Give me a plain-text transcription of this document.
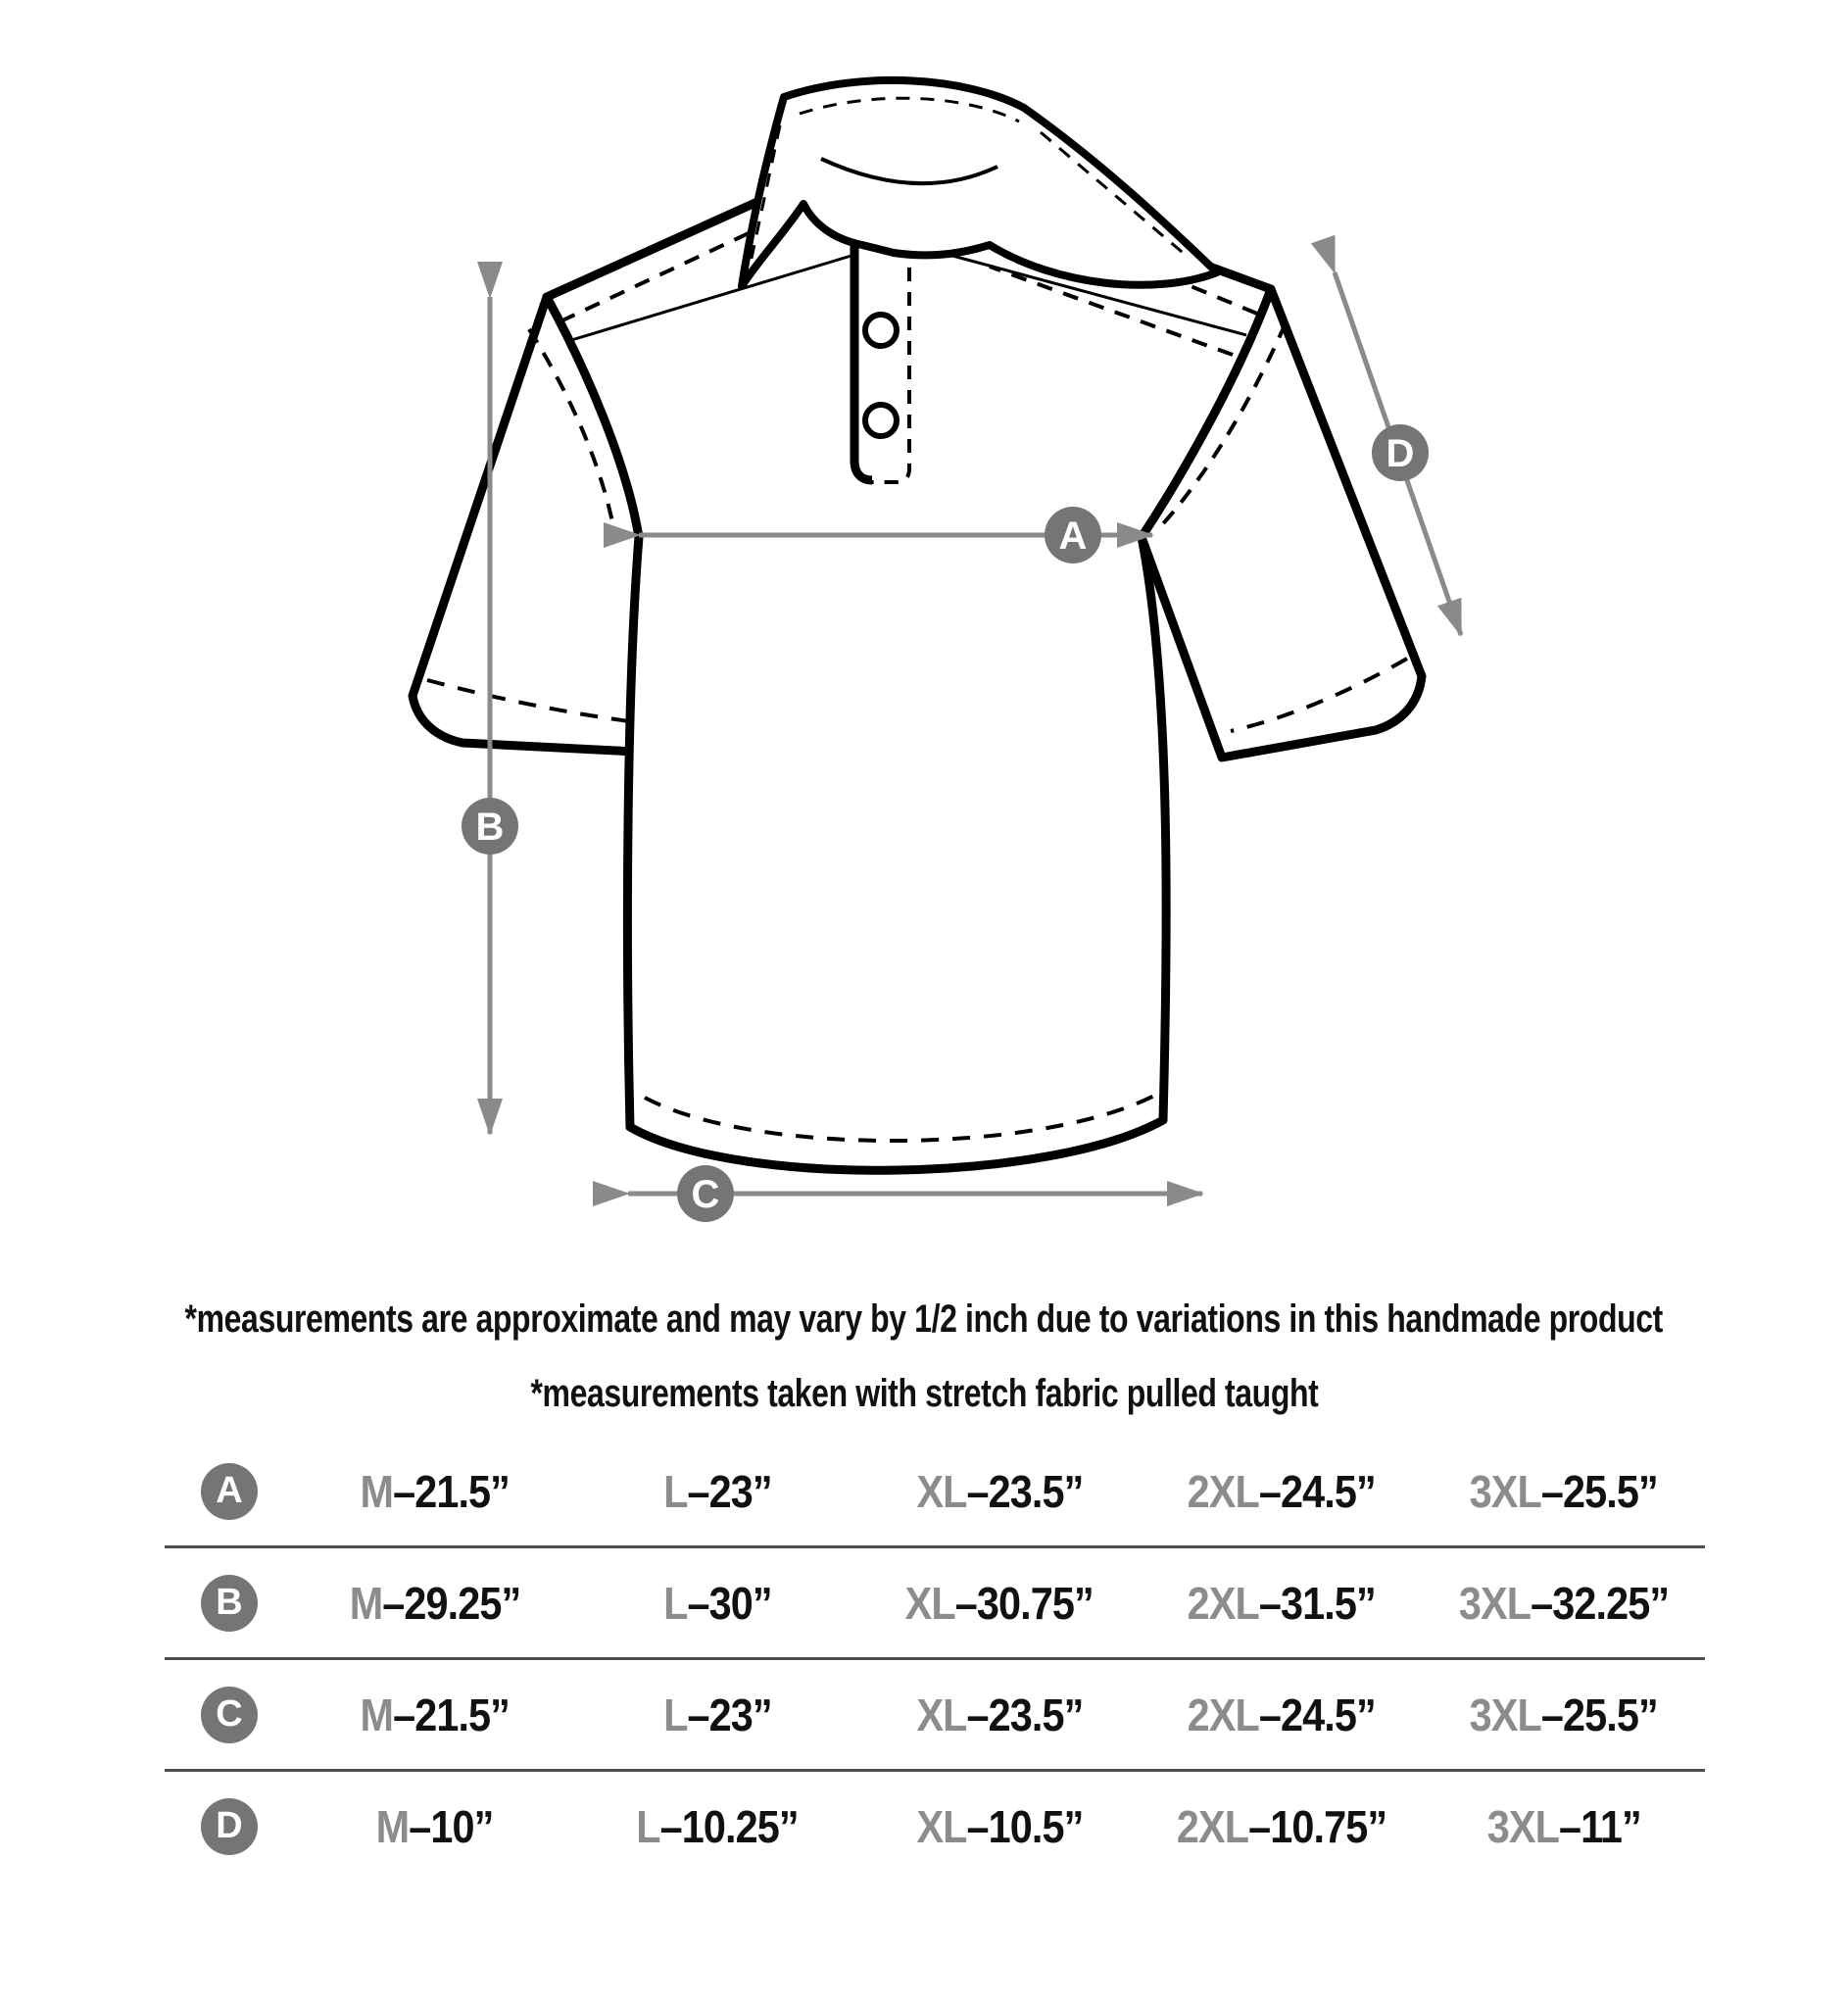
A
B
C
D
*measurements are approximate and may vary by 1/2 inch due to variations in this handmade product
*measurements taken with stretch fabric pulled taught
A	M–21.5”	L–23”	XL–23.5”	2XL–24.5”	3XL–25.5”
B	M–29.25”	L–30”	XL–30.75”	2XL–31.5”	3XL–32.25”
C	M–21.5”	L–23”	XL–23.5”	2XL–24.5”	3XL–25.5”
D	M–10”	L–10.25”	XL–10.5”	2XL–10.75”	3XL–11”
